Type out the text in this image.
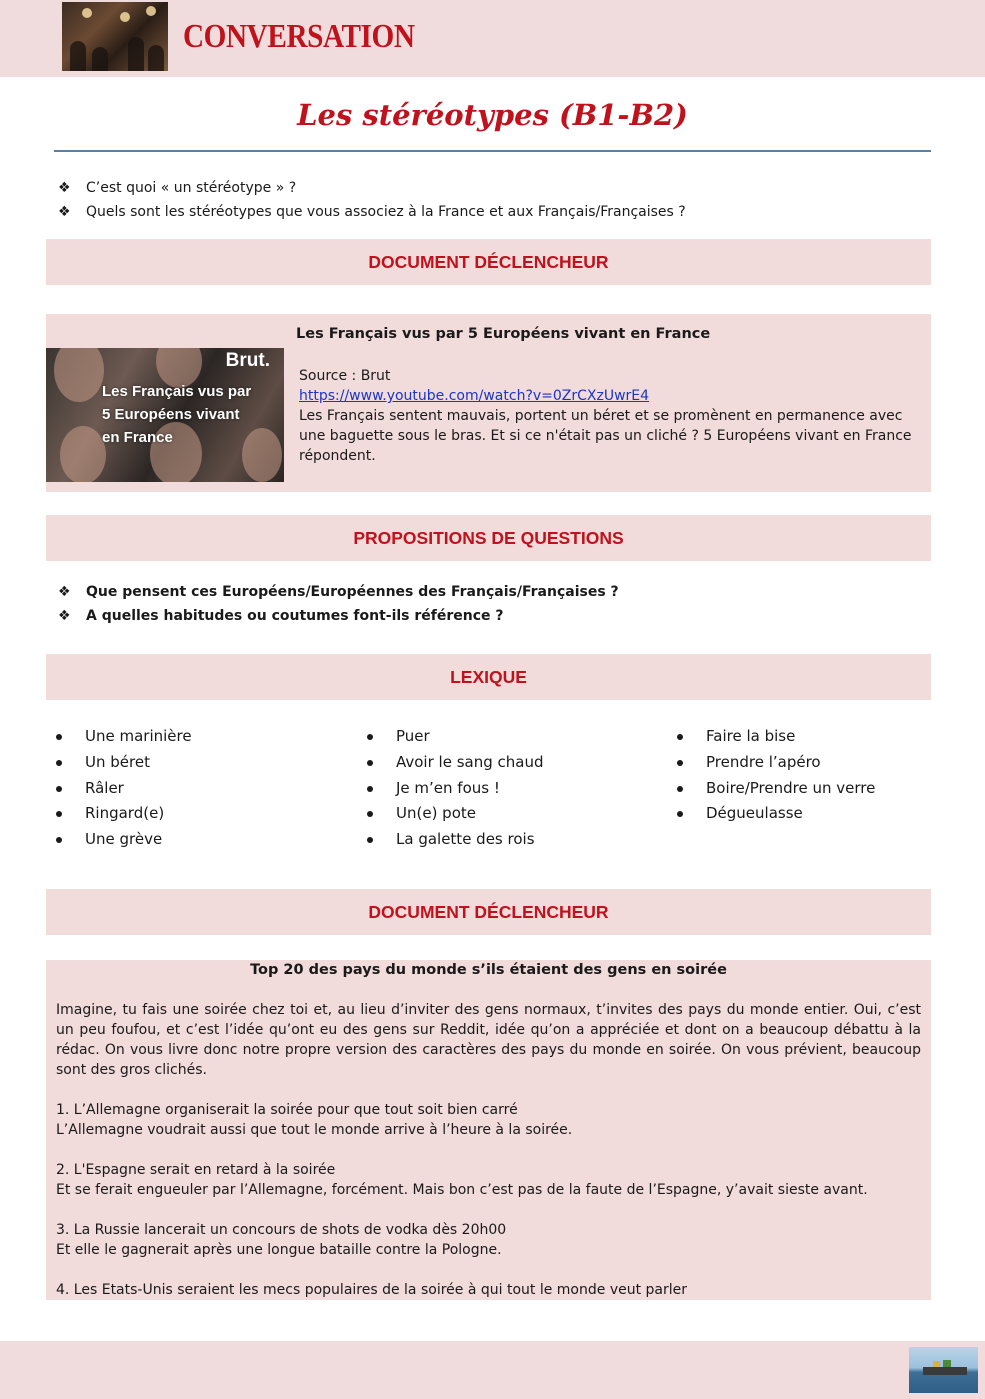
CONVERSATION
Les stéréotypes (B1-B2)
❖ C’est quoi « un stéréotype » ?
❖ Quels sont les stéréotypes que vous associez à la France et aux Français/Françaises ?
DOCUMENT DÉCLENCHEUR
Les Français vus par 5 Européens vivant en France
Brut.
Les Français vus par 5 Européens vivant en France
Source : Brut
https://www.youtube.com/watch?v=0ZrCXzUwrE4
Les Français sentent mauvais, portent un béret et se promènent en permanence avec une baguette sous le bras. Et si ce n'était pas un cliché ? 5 Européens vivant en France répondent.
PROPOSITIONS DE QUESTIONS
❖ Que pensent ces Européens/Européennes des Français/Françaises ?
❖ A quelles habitudes ou coutumes font-ils référence ?
LEXIQUE
Une marinière
Un béret
Râler
Ringard(e)
Une grève
Puer
Avoir le sang chaud
Je m’en fous !
Un(e) pote
La galette des rois
Faire la bise
Prendre l’apéro
Boire/Prendre un verre
Dégueulasse
DOCUMENT DÉCLENCHEUR
Top 20 des pays du monde s’ils étaient des gens en soirée

Imagine, tu fais une soirée chez toi et, au lieu d’inviter des gens normaux, t’invites des pays du monde entier. Oui, c’est un peu foufou, et c’est l’idée qu’ont eu des gens sur Reddit, idée qu’on a appréciée et dont on a beaucoup débattu à la rédac. On vous livre donc notre propre version des caractères des pays du monde en soirée. On vous prévient, beaucoup sont des gros clichés.

1. L’Allemagne organiserait la soirée pour que tout soit bien carré
L’Allemagne voudrait aussi que tout le monde arrive à l’heure à la soirée.
2. L'Espagne serait en retard à la soirée
Et se ferait engueuler par l’Allemagne, forcément. Mais bon c’est pas de la faute de l’Espagne, y’avait sieste avant.
3. La Russie lancerait un concours de shots de vodka dès 20h00
Et elle le gagnerait après une longue bataille contre la Pologne.
4. Les Etats-Unis seraient les mecs populaires de la soirée à qui tout le monde veut parler
